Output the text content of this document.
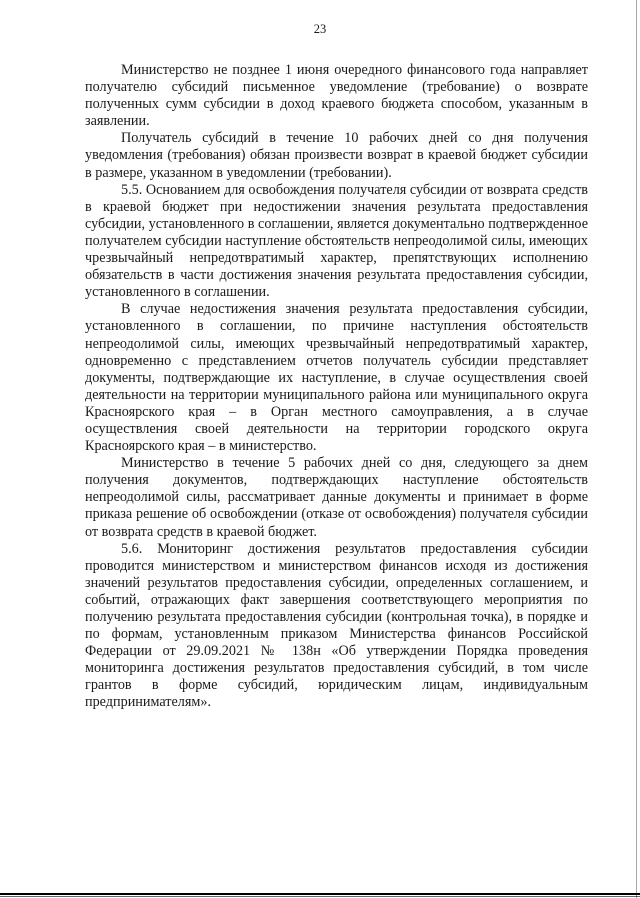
23

Министерство не позднее 1 июня очередного финансового года направляет получателю субсидий письменное уведомление (требование) о возврате полученных сумм субсидии в доход краевого бюджета способом, указанным в заявлении.

Получатель субсидий в течение 10 рабочих дней со дня получения уведомления (требования) обязан произвести возврат в краевой бюджет субсидии в размере, указанном в уведомлении (требовании).

5.5. Основанием для освобождения получателя субсидии от возврата средств в краевой бюджет при недостижении значения результата предоставления субсидии, установленного в соглашении, является документально подтвержденное получателем субсидии наступление обстоятельств непреодолимой силы, имеющих чрезвычайный непредотвратимый характер, препятствующих исполнению обязательств в части достижения значения результата предоставления субсидии, установленного в соглашении.

В случае недостижения значения результата предоставления субсидии, установленного в соглашении, по причине наступления обстоятельств непреодолимой силы, имеющих чрезвычайный непредотвратимый характер, одновременно с представлением отчетов получатель субсидии представляет документы, подтверждающие их наступление, в случае осуществления своей деятельности на территории муниципального района или муниципального округа Красноярского края – в Орган местного самоуправления, а в случае осуществления своей деятельности на территории городского округа Красноярского края – в министерство.

Министерство в течение 5 рабочих дней со дня, следующего за днем получения документов, подтверждающих наступление обстоятельств непреодолимой силы, рассматривает данные документы и принимает в форме приказа решение об освобождении (отказе от освобождения) получателя субсидии от возврата средств в краевой бюджет.

5.6. Мониторинг достижения результатов предоставления субсидии проводится министерством и министерством финансов исходя из достижения значений результатов предоставления субсидии, определенных соглашением, и событий, отражающих факт завершения соответствующего мероприятия по получению результата предоставления субсидии (контрольная точка), в порядке и по формам, установленным приказом Министерства финансов Российской Федерации от 29.09.2021 № 138н «Об утверждении Порядка проведения мониторинга достижения результатов предоставления субсидий, в том числе грантов в форме субсидий, юридическим лицам, индивидуальным предпринимателям».
